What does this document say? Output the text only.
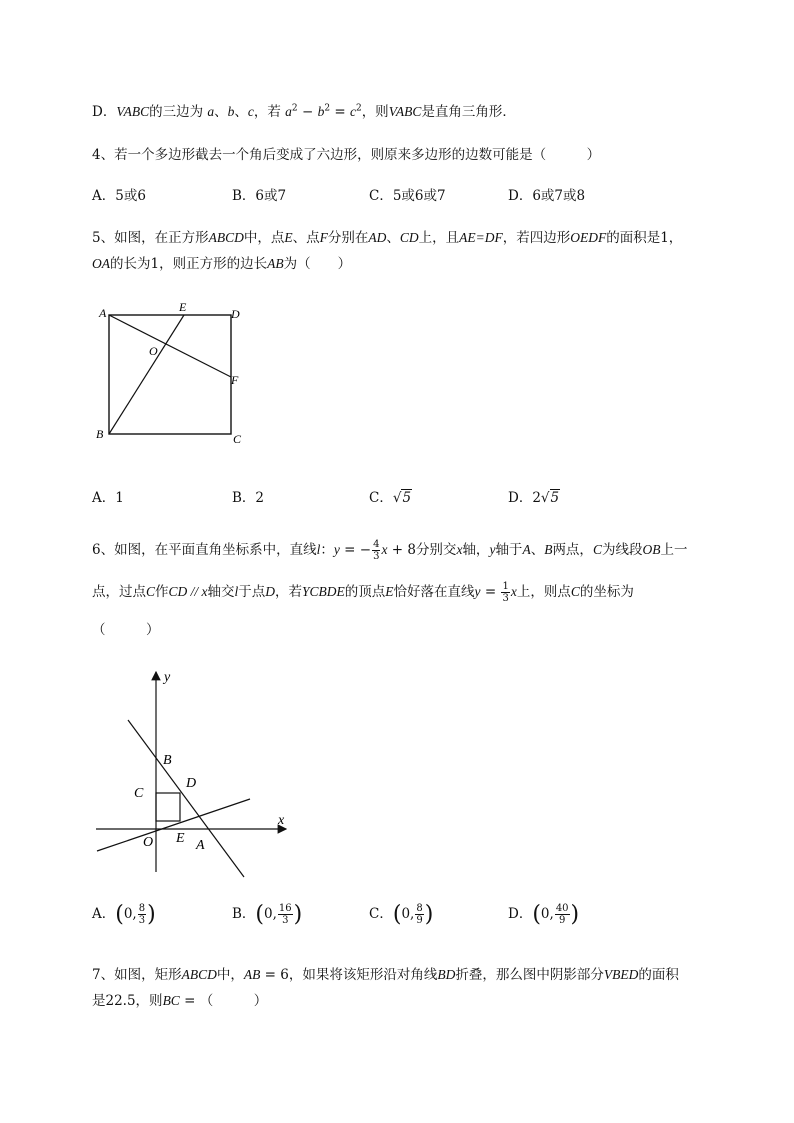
D．VABC的三边为 a、b、c，若 $a^2 - b^2 = c^2$，则VABC是直角三角形．
4、若一个多边形截去一个角后变成了六边形，则原来多边形的边数可能是（　　　）
A．5或6	B．6或7	C．5或6或7	D．6或7或8
5、如图，在正方形ABCD中，点E、点F分别在AD、CD上，且AE=DF，若四边形OEDF的面积是1，
OA的长为1，则正方形的边长AB为（　　）
A	E	D
O
F
B	C
A．1	B．2	C．√5	D．2√5
6、如图，在平面直角坐标系中，直线l：y = − $\frac{4}{3}$ x + 8分别交x轴，y轴于A、B两点，C为线段OB上一
点，过点C作CD // x轴交l于点D，若YCBDE的顶点E恰好落在直线$y = \frac{1}{3}$ x上，则点C的坐标为
（　　　）
y
x
B
C
D
O E A
A．(0, $\frac{8}{3}$ )	B．(0, $\frac{16}{3}$ )	C．(0, $\frac{8}{9}$ )	D．(0, $\frac{40}{9}$ )
7、如图，矩形ABCD中，AB = 6，如果将该矩形沿对角线BD折叠，那么图中阴影部分VBED的面积
是22.5，则BC = （　　　）
